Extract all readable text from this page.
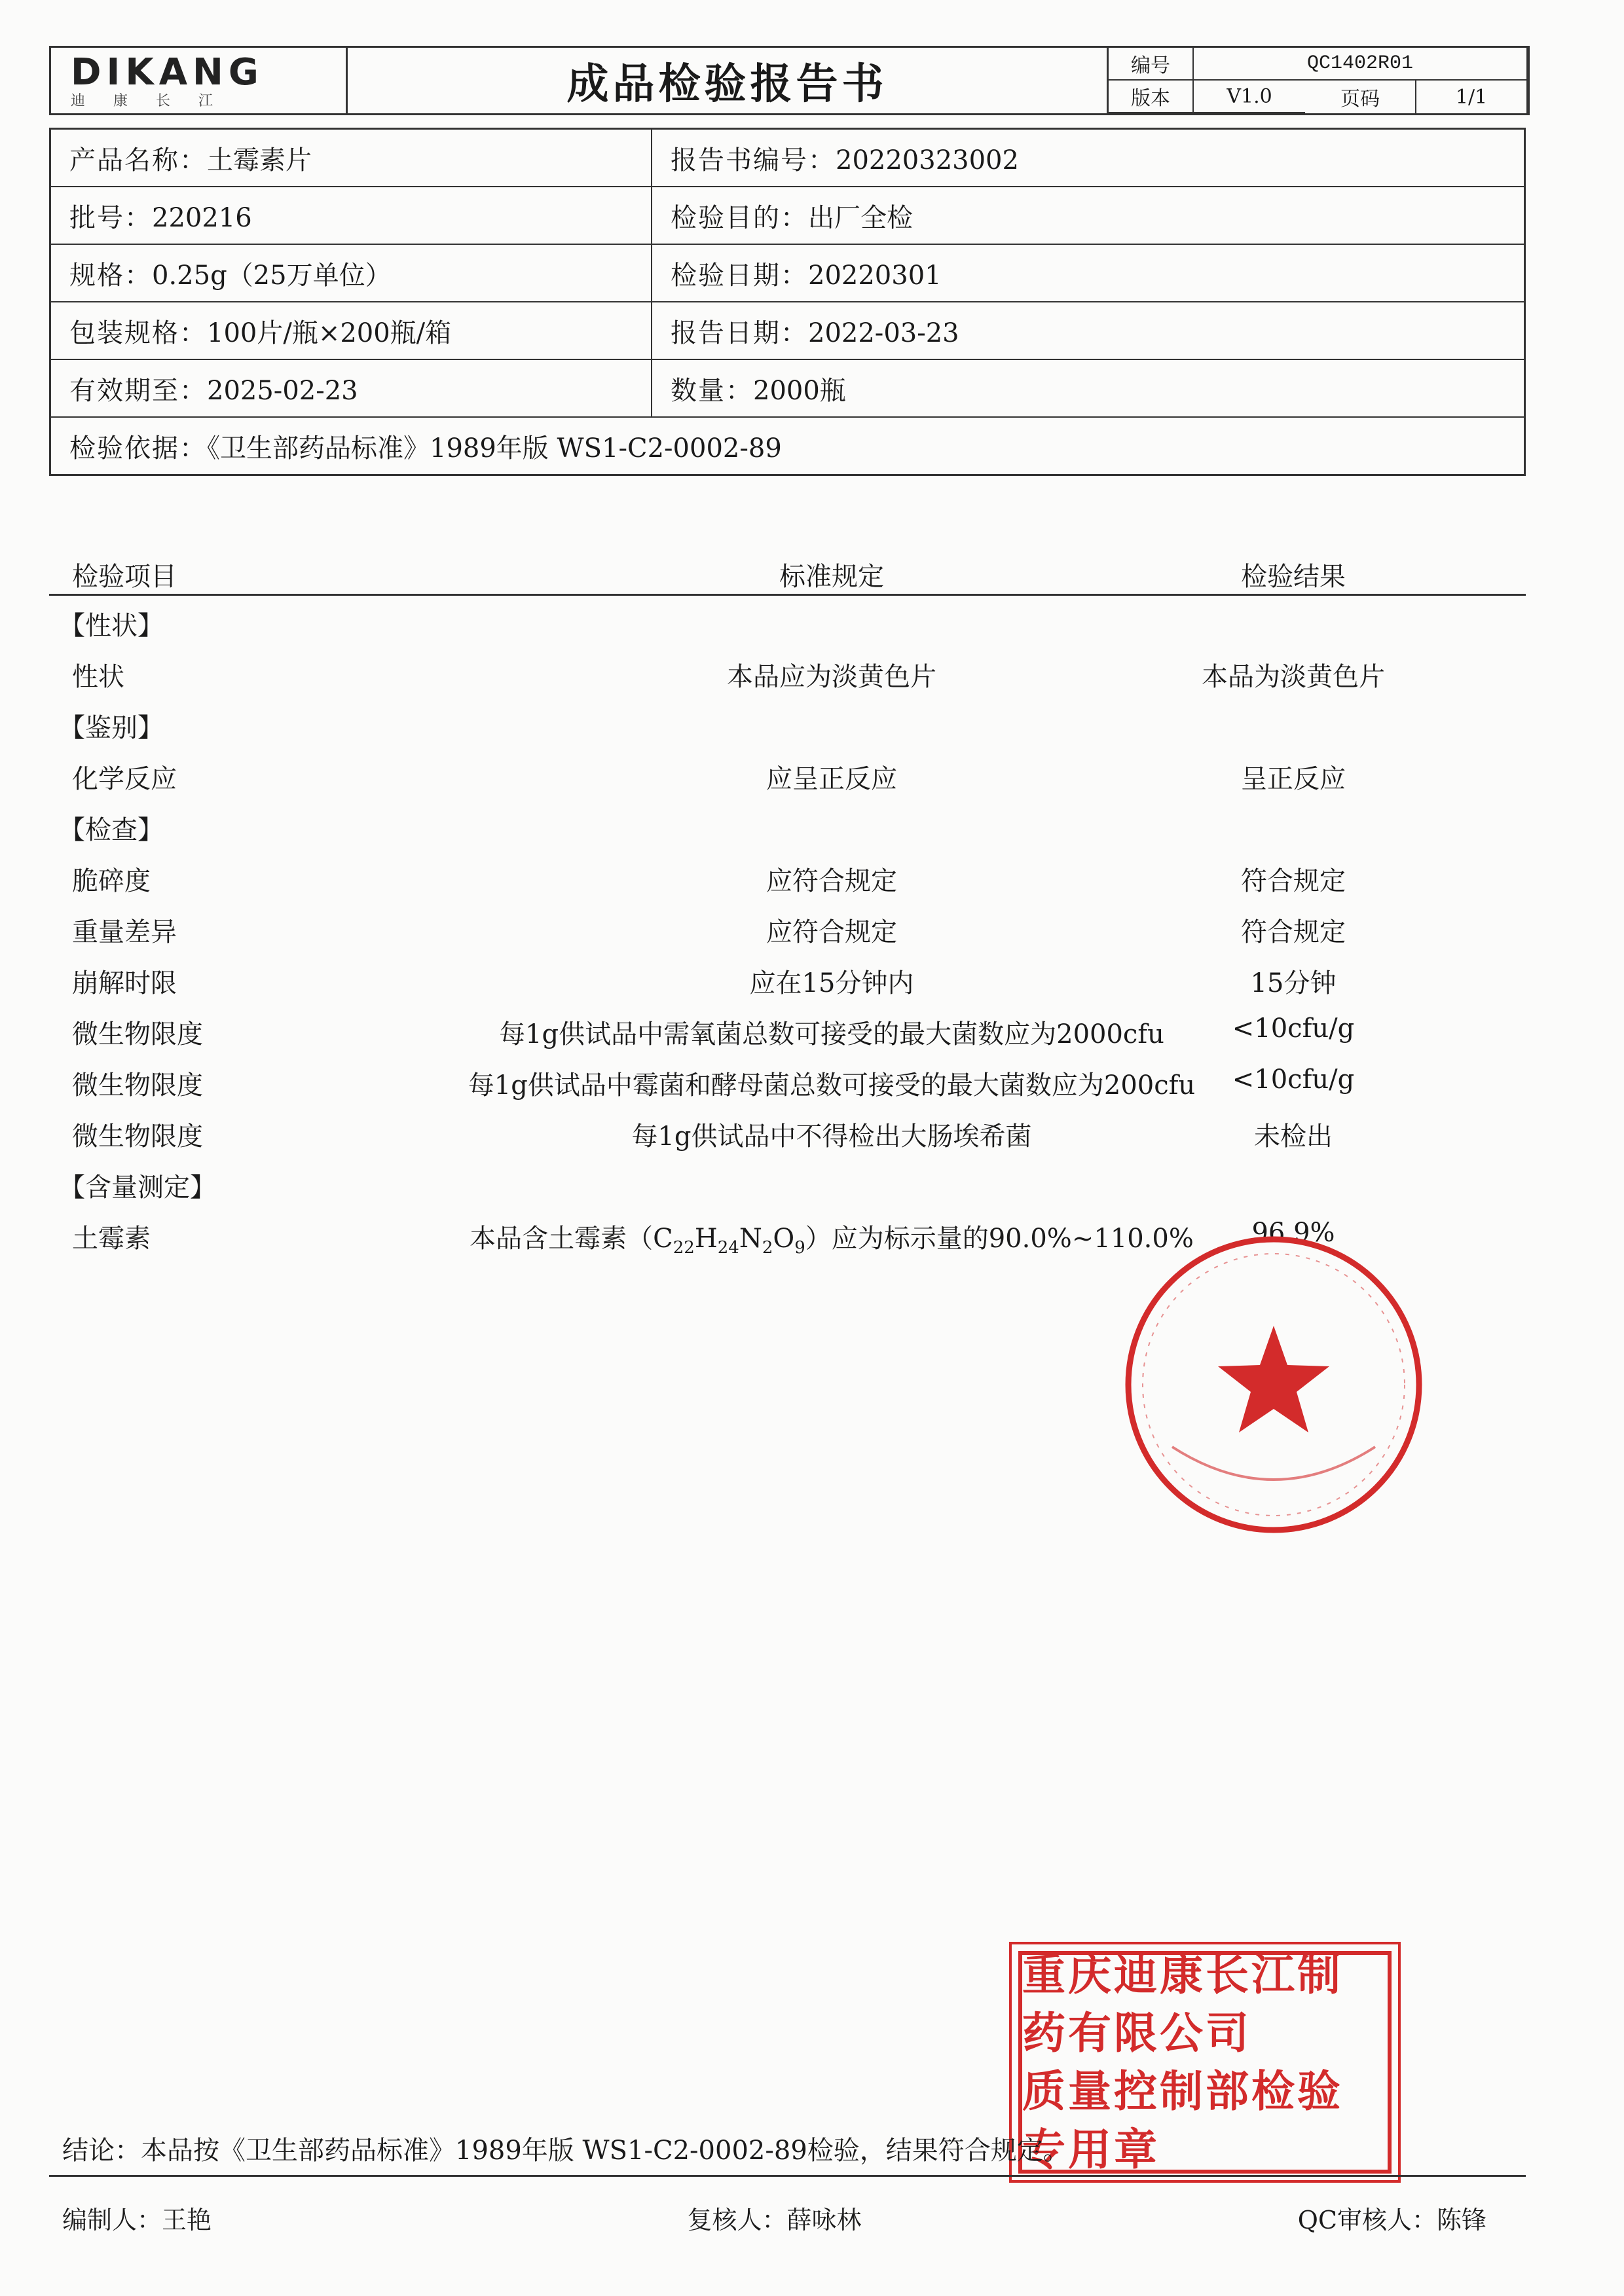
DIKANG
迪 康 长 江	成品检验报告书	编号	QC1402R01
版本	V1.0	页码	1/1
产品名称：土霉素片	报告书编号：20220323002
批号：220216	检验目的：出厂全检
规格：0.25g（25万单位）	检验日期：20220301
包装规格：100片/瓶×200瓶/箱	报告日期：2022-03-23
有效期至：2025-02-23	数量：2000瓶
检验依据：《卫生部药品标准》1989年版 WS1-C2-0002-89	
检验项目	标准规定	检验结果
【性状】
性状	本品应为淡黄色片	本品为淡黄色片
【鉴别】
化学反应	应呈正反应	呈正反应
【检查】
脆碎度	应符合规定	符合规定
重量差异	应符合规定	符合规定
崩解时限	应在15分钟内	15分钟
微生物限度	每1g供试品中需氧菌总数可接受的最大菌数应为2000cfu	<10cfu/g
微生物限度	每1g供试品中霉菌和酵母菌总数可接受的最大菌数应为200cfu	<10cfu/g
微生物限度	每1g供试品中不得检出大肠埃希菌	未检出
【含量测定】
土霉素	本品含土霉素$(C_{22}H_{24}N_2O_9)$应为标示量的90.0%~110.0%	96.9%
重庆迪康长江制药有限公司
质量控制部检验专用章
结论：本品按《卫生部药品标准》1989年版 WS1-C2-0002-89检验，结果符合规定。
编制人：王艳	复核人：薛咏林	QC审核人：陈锋
